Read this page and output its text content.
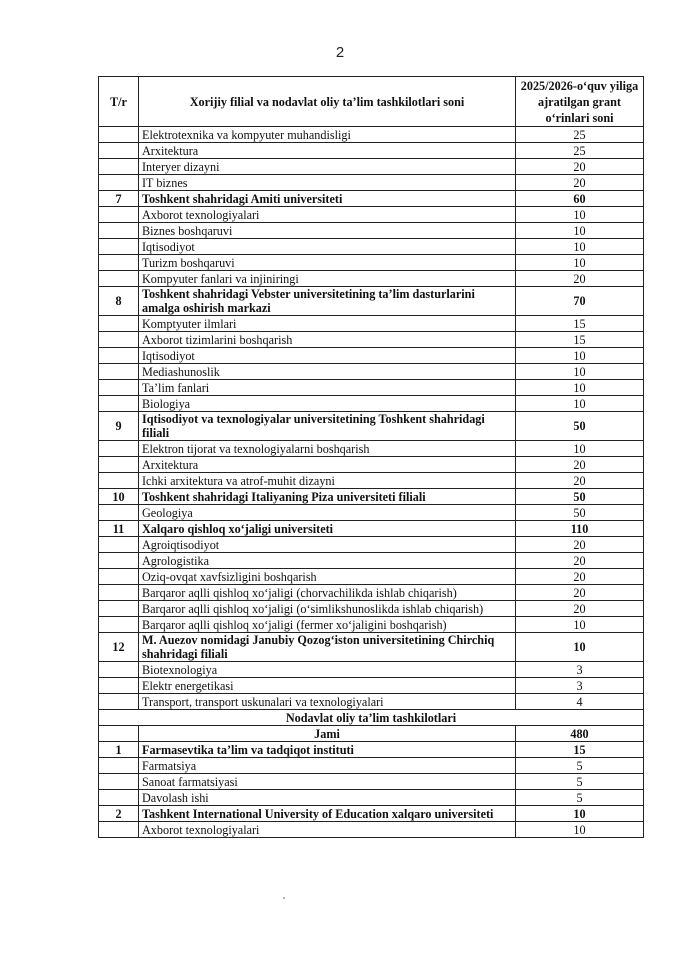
2
T/r	Xorijiy filial va nodavlat oliy ta’lim tashkilotlari soni	2025/2026-o‘quv yiliga ajratilgan grant o‘rinlari soni
	Elektrotexnika va kompyuter muhandisligi	25
	Arxitektura	25
	Interyer dizayni	20
	IT biznes	20
7	Toshkent shahridagi Amiti universiteti	60
	Axborot texnologiyalari	10
	Biznes boshqaruvi	10
	Iqtisodiyot	10
	Turizm boshqaruvi	10
	Kompyuter fanlari va injiniringi	20
8	Toshkent shahridagi Vebster universitetining ta’lim dasturlarini amalga oshirish markazi	70
	Komptyuter ilmlari	15
	Axborot tizimlarini boshqarish	15
	Iqtisodiyot	10
	Mediashunoslik	10
	Ta’lim fanlari	10
	Biologiya	10
9	Iqtisodiyot va texnologiyalar universitetining Toshkent shahridagi filiali	50
	Elektron tijorat va texnologiyalarni boshqarish	10
	Arxitektura	20
	Ichki arxitektura va atrof-muhit dizayni	20
10	Toshkent shahridagi Italiyaning Piza universiteti filiali	50
	Geologiya	50
11	Xalqaro qishloq xo‘jaligi universiteti	110
	Agroiqtisodiyot	20
	Agrologistika	20
	Oziq-ovqat xavfsizligini boshqarish	20
	Barqaror aqlli qishloq xo‘jaligi (chorvachilikda ishlab chiqarish)	20
	Barqaror aqlli qishloq xo‘jaligi (o‘simlikshunoslikda ishlab chiqarish)	20
	Barqaror aqlli qishloq xo‘jaligi (fermer xo‘jaligini boshqarish)	10
12	M. Auezov nomidagi Janubiy Qozog‘iston universitetining Chirchiq shahridagi filiali	10
	Biotexnologiya	3
	Elektr energetikasi	3
	Transport, transport uskunalari va texnologiyalari	4
Nodavlat oliy ta’lim tashkilotlari		
	Jami	480
1	Farmasevtika ta’lim va tadqiqot instituti	15
	Farmatsiya	5
	Sanoat farmatsiyasi	5
	Davolash ishi	5
2	Tashkent International University of Education xalqaro universiteti	10
	Axborot texnologiyalari	10
